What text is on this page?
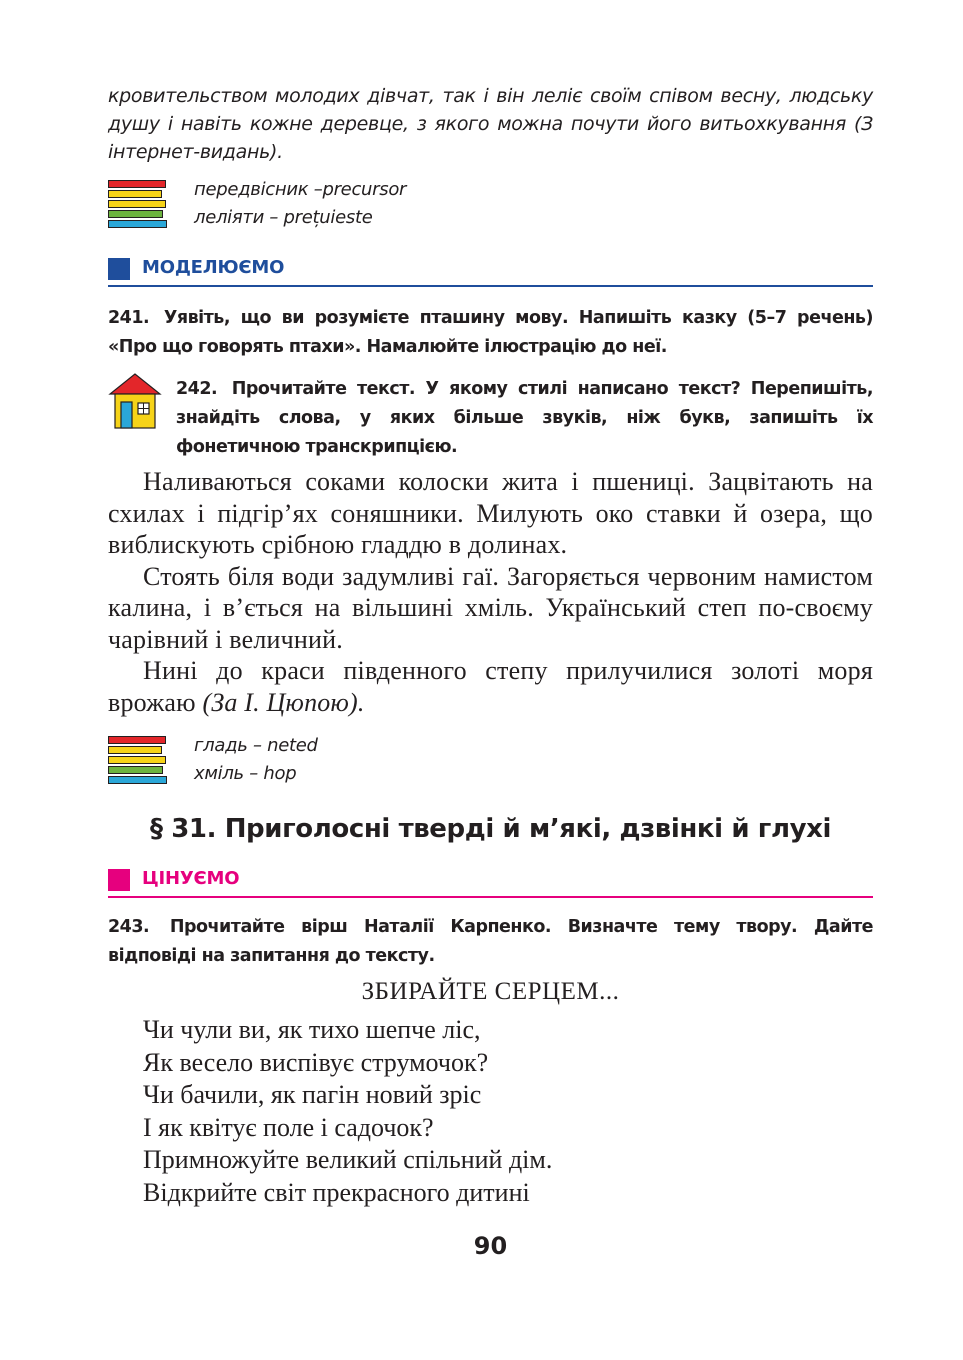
кровительством молодих дівчат, так і він леліє своїм співом весну, людську душу і навіть кожне деревце, з якого можна почути його витьохкування (З інтернет-видань).

передвісник –precursor
леліяти – prețuieste
МОДЕЛЮЄМО
241. Уявіть, що ви розумієте пташину мову. Напишіть казку (5–7 речень) «Про що говорять птахи». Намалюйте ілюстрацію до неї.
242. Прочитайте текст. У якому стилі написано текст? Перепишіть, знайдіть слова, у яких більше звуків, ніж букв, запишіть їх фонетичною транскрипцією.

Наливаються соками колоски жита і пшениці. Зацвітають на схилах і підгір’ях соняшники. Милують око ставки й озера, що виблискують срібною гладдю в долинах.

Стоять біля води задумливі гаї. Загоряється червоним намистом калина, і в’ється на вільшині хміль. Український степ по-своєму чарівний і величний.

Нині до краси південного степу прилучилися золоті моря врожаю (За І. Цюпою).

гладь – neted
хміль – hop
§ 31. Приголосні тверді й м’які, дзвінкі й глухі
ЦІНУЄМО
243. Прочитайте вірш Наталії Карпенко. Визначте тему твору. Дайте відповіді на запитання до тексту.
ЗБИРАЙТЕ СЕРЦЕМ...
Чи чули ви, як тихо шепче ліс,
Як весело виспівує струмочок?
Чи бачили, як пагін новий зріс
І як квітує поле і садочок?
Примножуйте великий спільний дім.
Відкрийте світ прекрасного дитині
90
